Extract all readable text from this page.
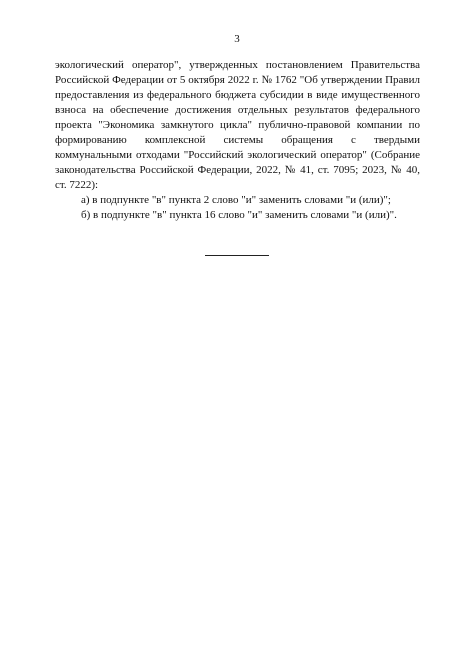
3

экологический оператор", утвержденных постановлением Правительства Российской Федерации от 5 октября 2022 г. № 1762 "Об утверждении Правил предоставления из федерального бюджета субсидии в виде имущественного взноса на обеспечение достижения отдельных результатов федерального проекта "Экономика замкнутого цикла" публично-правовой компании по формированию комплексной системы обращения с твердыми коммунальными отходами "Российский экологический оператор" (Собрание законодательства Российской Федерации, 2022, № 41, ст. 7095; 2023, № 40, ст. 7222):

а) в подпункте "в" пункта 2 слово "и" заменить словами "и (или)";

б) в подпункте "в" пункта 16 слово "и" заменить словами "и (или)".
